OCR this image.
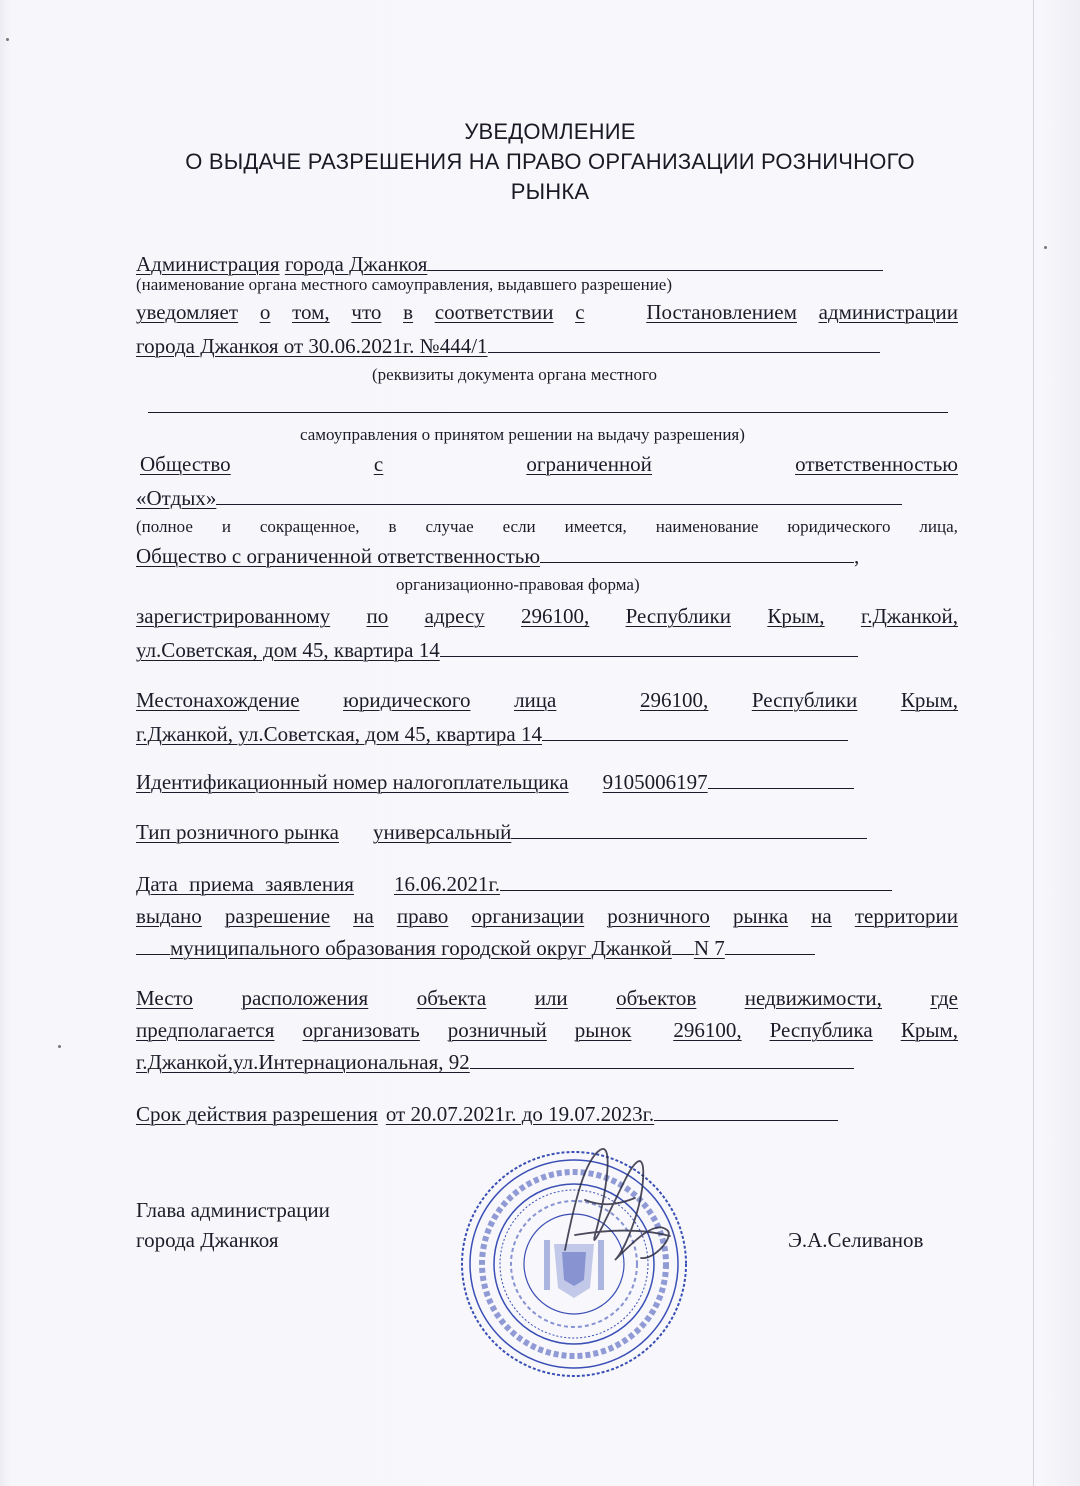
УВЕДОМЛЕНИЕ
О ВЫДАЧЕ РАЗРЕШЕНИЯ НА ПРАВО ОРГАНИЗАЦИИ РОЗНИЧНОГО
РЫНКА
Администрация города Джанкоя
(наименование органа местного самоуправления, выдавшего разрешение)
уведомляет о том, что в соответствии с	Постановлением администрации
города Джанкоя от 30.06.2021г. №444/1
(реквизиты документа органа местного
самоуправления о принятом решении на выдачу разрешения)
Общество	с	ограниченной	ответственностью
«Отдых»
(полное и сокращенное, в случае если имеется, наименование юридического лица,
Общество с ограниченной ответственностью	,
организационно-правовая форма)
зарегистрированному по адресу 296100, Республики Крым, г.Джанкой,
ул.Советская, дом 45, квартира 14
Местонахождение юридического лица	296100, Республики Крым,
г.Джанкой, ул.Советская, дом 45, квартира 14
Идентификационный номер налогоплательщика 9105006197
Тип розничного рынка универсальный
Дата приема заявления 16.06.2021г.
выдано разрешение на право организации розничного рынка на территории
муниципального образования городской округ Джанкой N 7
Место расположения объекта или объектов недвижимости, где
предполагается организовать розничный рынок 296100, Республика Крым,
г.Джанкой,ул.Интернациональная, 92
Срок действия разрешения от 20.07.2021г. до 19.07.2023г.
Глава администрации
города Джанкоя	Э.А.Селиванов
